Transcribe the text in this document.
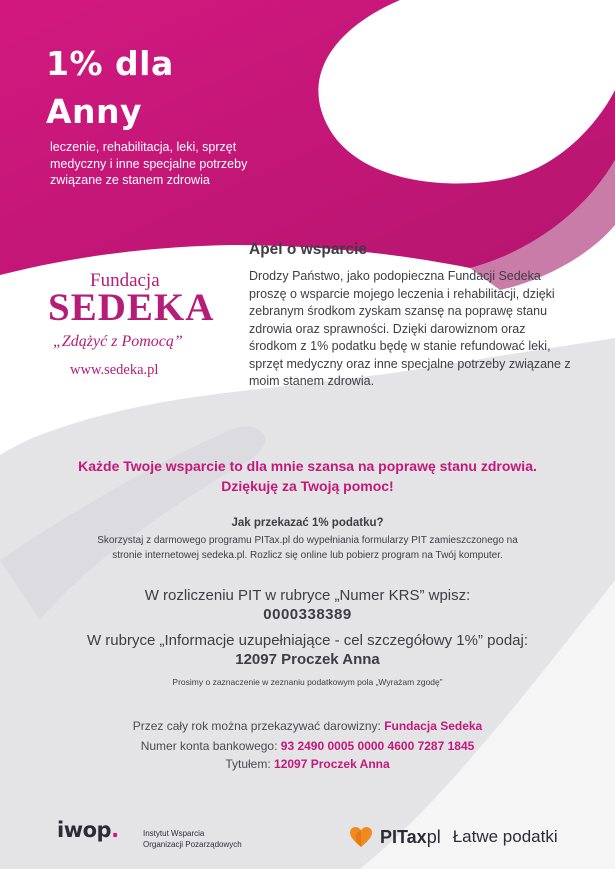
1% dla
Anny
leczenie, rehabilitacja, leki, sprzęt medyczny i inne specjalne potrzeby związane ze stanem zdrowia
Fundacja
SEDEKA
„Zdążyć z Pomocą”
www.sedeka.pl
Apel o wsparcie
Drodzy Państwo, jako podopieczna Fundacji Sedeka proszę o wsparcie mojego leczenia i rehabilitacji, dzięki zebranym środkom zyskam szansę na poprawę stanu zdrowia oraz sprawności. Dzięki darowiznom oraz środkom z 1% podatku będę w stanie refundować leki, sprzęt medyczny oraz inne specjalne potrzeby związane z moim stanem zdrowia.
Każde Twoje wsparcie to dla mnie szansa na poprawę stanu zdrowia.
Dziękuję za Twoją pomoc!
Jak przekazać 1% podatku?
Skorzystaj z darmowego programu PITax.pl do wypełniania formularzy PIT zamieszczonego na
stronie internetowej sedeka.pl. Rozlicz się online lub pobierz program na Twój komputer.
W rozliczeniu PIT w rubryce „Numer KRS” wpisz:
0000338389
W rubryce „Informacje uzupełniające - cel szczegółowy 1%” podaj:
12097 Proczek Anna
Prosimy o zaznaczenie w zeznaniu podatkowym pola „Wyrażam zgodę”
Przez cały rok można przekazywać darowizny: Fundacja Sedeka
Numer konta bankowego: 93 2490 0005 0000 4600 7287 1845
Tytułem: 12097 Proczek Anna
iwop.	Instytut Wsparcia
Organizacji Pozarządowych	PITaxpl Łatwe podatki
